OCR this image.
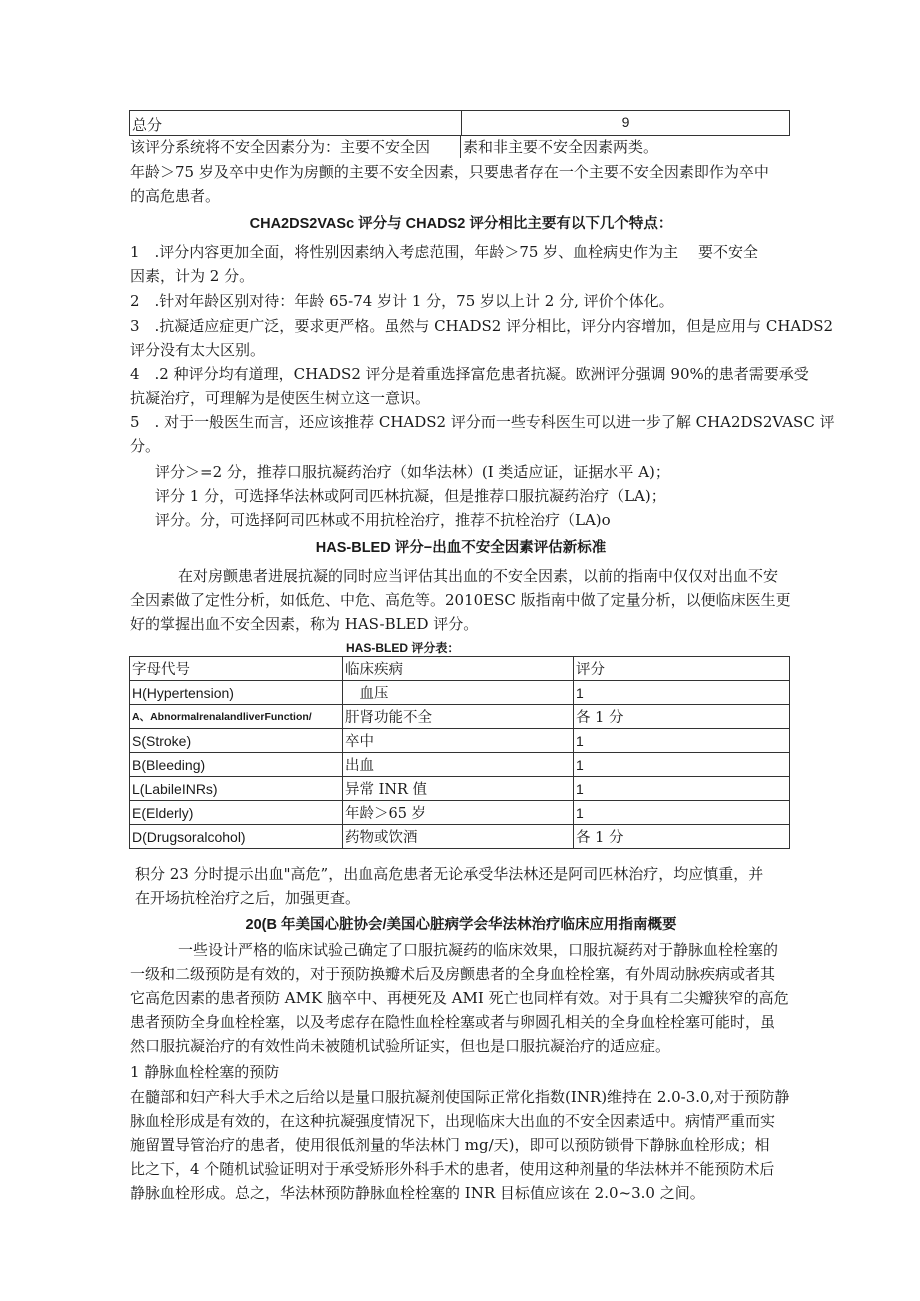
总分	9
该评分系统将不安全因素分为：主要不安全因 素和非主要不安全因素两类。
年龄＞75 岁及卒中史作为房颤的主要不安全因素，只要患者存在一个主要不安全因素即作为卒中
的高危患者。
CHA2DS2VASc 评分与 CHADS2 评分相比主要有以下几个特点：
1　.评分内容更加全面，将性别因素纳入考虑范围，年龄＞75 岁、血栓病史作为主　 要不安全
因素，计为 2 分。
2　.针对年龄区别对待：年龄 65-74 岁计 1 分，75 岁以上计 2 分, 评价个体化。
3　.抗凝适应症更广泛，要求更严格。虽然与 CHADS2 评分相比，评分内容增加，但是应用与 CHADS2
评分没有太大区别。
4　.2 种评分均有道理，CHADS2 评分是着重选择富危患者抗凝。欧洲评分强调 90%的患者需要承受
抗凝治疗，可理解为是使医生树立这一意识。
5　. 对于一般医生而言，还应该推荐 CHADS2 评分而一些专科医生可以进一步了解 CHA2DS2VASC 评
分。
评分＞=2 分，推荐口服抗凝药治疗（如华法林）(I 类适应证，证据水平 A)；
评分 1 分，可选择华法林或阿司匹林抗凝，但是推荐口服抗凝药治疗（LA)；
评分。分，可选择阿司匹林或不用抗栓治疗，推荐不抗栓治疗（LA)o
HAS-BLED 评分−出血不安全因素评估新标准
在对房颤患者进展抗凝的同时应当评估其出血的不安全因素，以前的指南中仅仅对出血不安
全因素做了定性分析，如低危、中危、高危等。2010ESC 版指南中做了定量分析，以便临床医生更
好的掌握出血不安全因素，称为 HAS-BLED 评分。
HAS-BLED 评分表：
字母代号	临床疾病	评分
H(Hypertension)	　血压	1
A、AbnormalrenalandliverFunction/	肝肾功能不全	各 1 分
S(Stroke)	卒中	1
B(Bleeding)	出血	1
L(LabileINRs)	异常 INR 值	1
E(Elderly)	年龄＞65 岁	1
D(Drugsoralcohol)	药物或饮酒	各 1 分
积分 23 分时提示出血"高危”，出血高危患者无论承受华法林还是阿司匹林治疗，均应慎重，并
在开场抗栓治疗之后，加强更查。
20(B 年美国心脏协会/美国心脏病学会华法林治疗临床应用指南概要
一些设计严格的临床试验己确定了口服抗凝药的临床效果，口服抗凝药对于静脉血栓栓塞的
一级和二级预防是有效的，对于预防换瓣术后及房颤患者的全身血栓栓塞，有外周动脉疾病或者其
它高危因素的患者预防 AMK 脑卒中、再梗死及 AMI 死亡也同样有效。对于具有二尖瓣狭窄的高危
患者预防全身血栓栓塞，以及考虑存在隐性血栓栓塞或者与卵圆孔相关的全身血栓栓塞可能时，虽
然口服抗凝治疗的有效性尚未被随机试验所证实，但也是口服抗凝治疗的适应症。
1 静脉血栓栓塞的预防
在髓部和妇产科大手术之后给以是量口服抗凝剂使国际正常化指数(INR)维持在 2.0-3.0,对于预防静
脉血栓形成是有效的，在这种抗凝强度情况下，出现临床大出血的不安全因素适中。病情严重而实
施留置导管治疗的患者，使用很低剂量的华法林门 mg/天)，即可以预防锁骨下静脉血栓形成；相
比之下，4 个随机试验证明对于承受矫形外科手术的患者，使用这种剂量的华法林并不能预防术后
静脉血栓形成。总之，华法林预防静脉血栓栓塞的 INR 目标值应该在 2.0~3.0 之间。
